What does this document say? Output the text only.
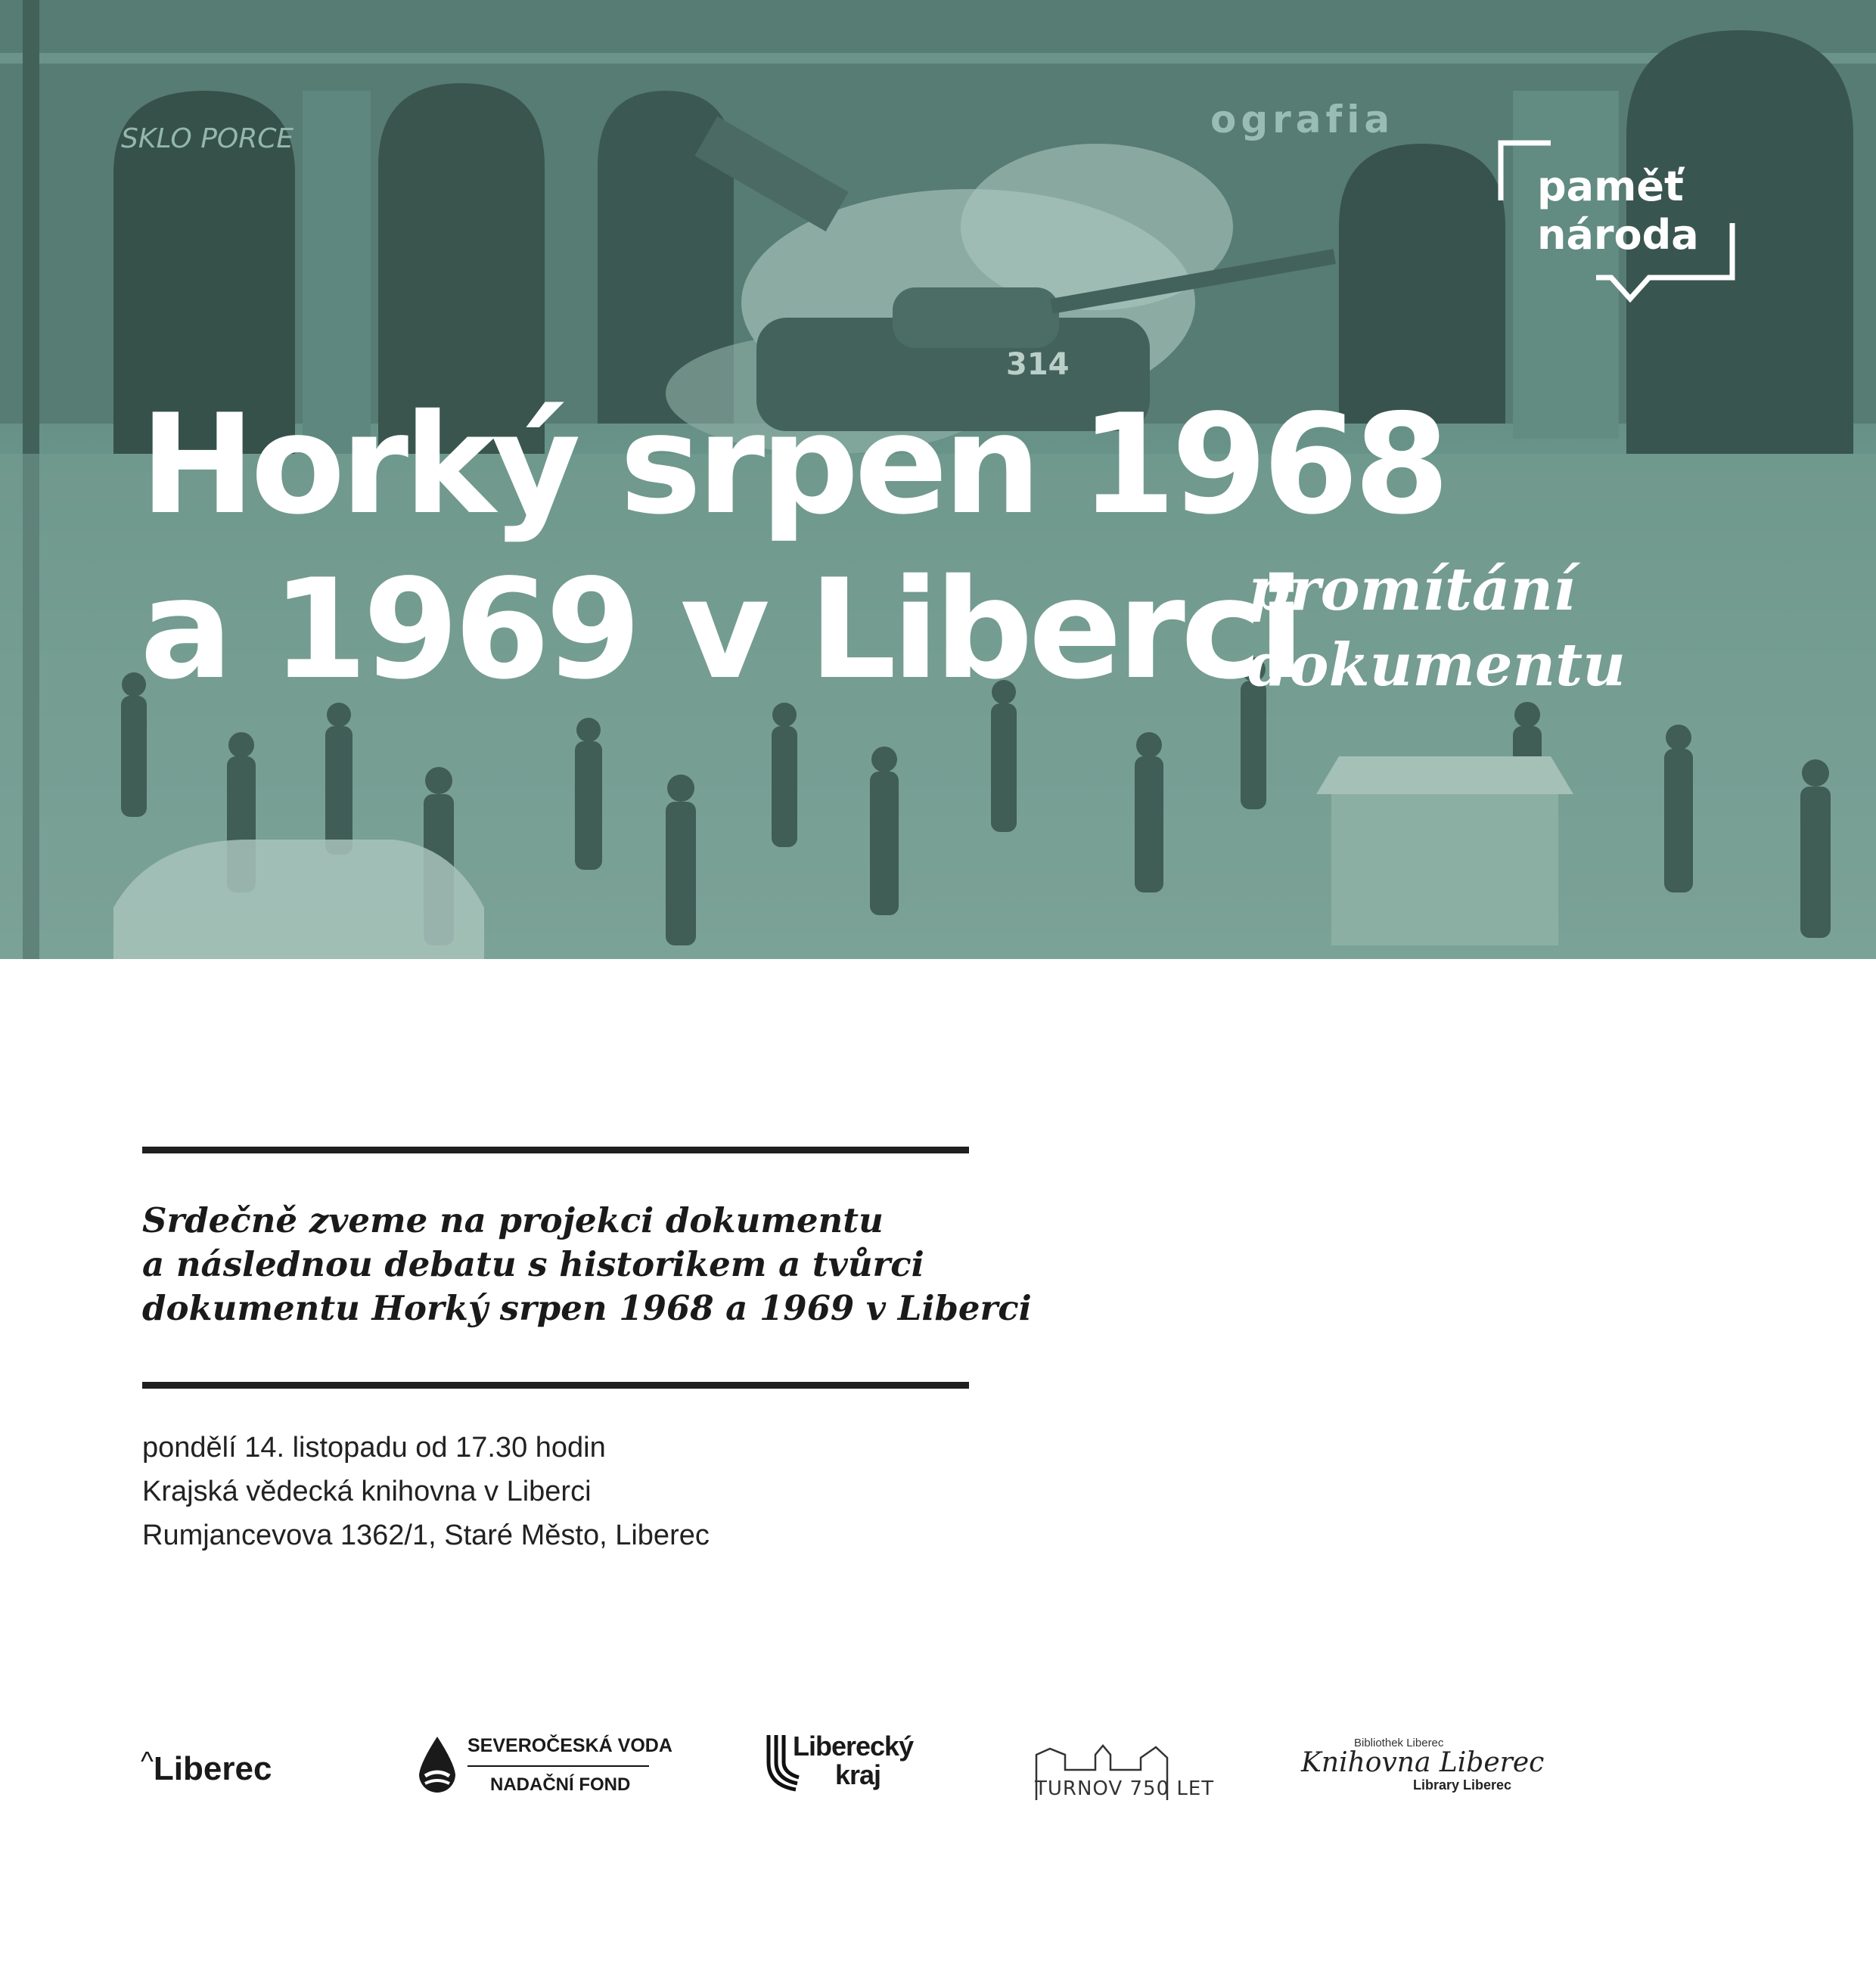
SKLO PORCE	ografia
314
Horký srpen 1968
a 1969 v Liberci
promítání
dokumentu
paměť
národa
Srdečně zveme na projekci dokumentu
a následnou debatu s historikem a tvůrci
dokumentu Horký srpen 1968 a 1969 v Liberci
pondělí 14. listopadu od 17.30 hodin
Krajská vědecká knihovna v Liberci
Rumjancevova 1362/1, Staré Město, Liberec
^Liberec
SEVEROČESKÁ VODA
NADAČNÍ FOND
Liberecký
kraj	TURNOV 750 LET
Bibliothek Liberec
Knihovna Liberec
Library Liberec
